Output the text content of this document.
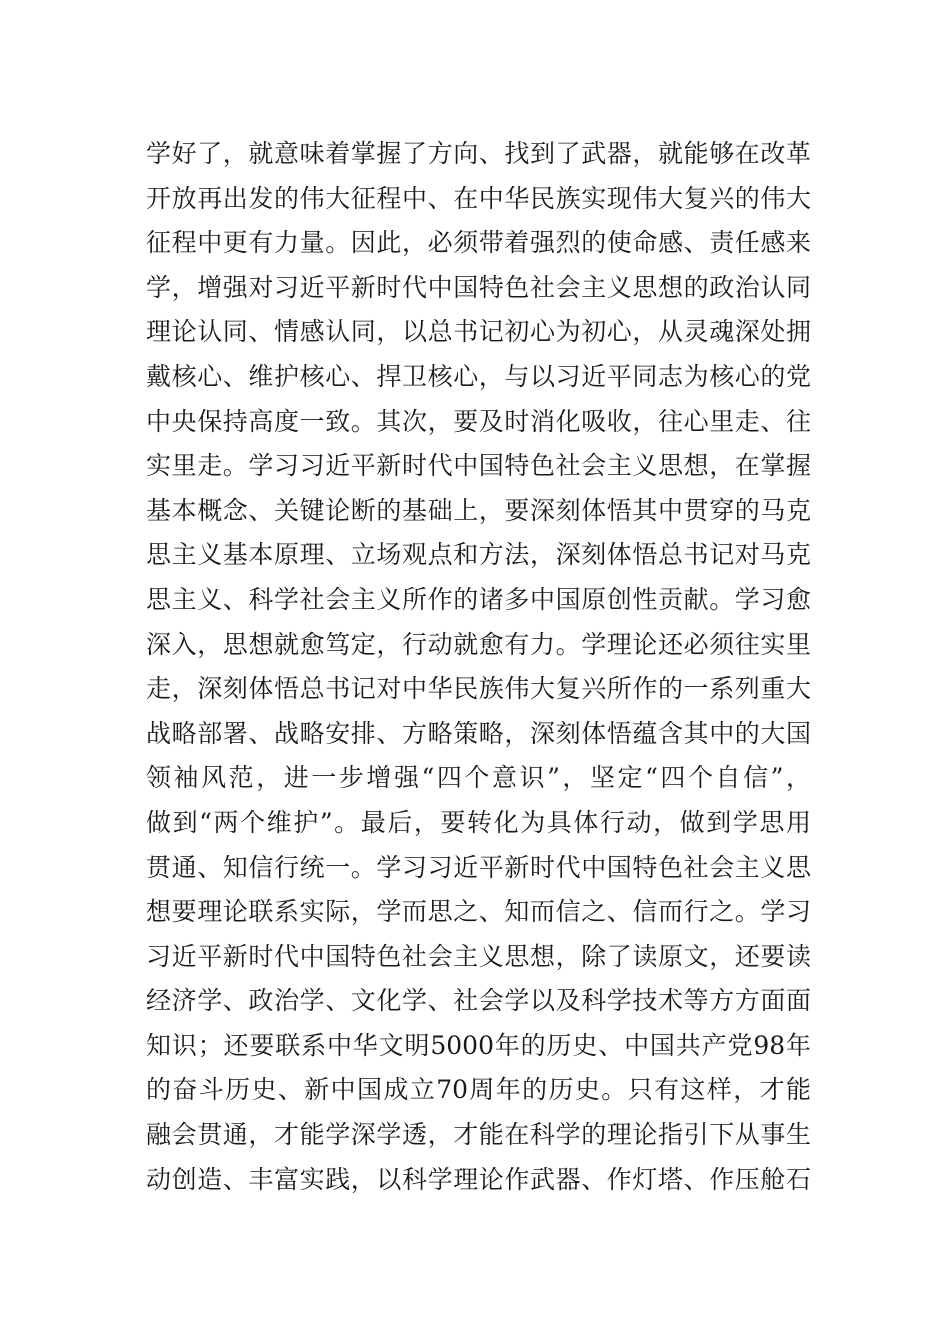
学好了，就意味着掌握了方向、找到了武器，就能够在改革
开放再出发的伟大征程中、在中华民族实现伟大复兴的伟大
征程中更有力量。因此，必须带着强烈的使命感、责任感来
学，增强对习近平新时代中国特色社会主义思想的政治认同
理论认同、情感认同，以总书记初心为初心，从灵魂深处拥
戴核心、维护核心、捍卫核心，与以习近平同志为核心的党
中央保持高度一致。其次，要及时消化吸收，往心里走、往
实里走。学习习近平新时代中国特色社会主义思想，在掌握
基本概念、关键论断的基础上，要深刻体悟其中贯穿的马克
思主义基本原理、立场观点和方法，深刻体悟总书记对马克
思主义、科学社会主义所作的诸多中国原创性贡献。学习愈
深入，思想就愈笃定，行动就愈有力。学理论还必须往实里
走，深刻体悟总书记对中华民族伟大复兴所作的一系列重大
战略部署、战略安排、方略策略，深刻体悟蕴含其中的大国
领袖风范，进一步增强“四个意识”，坚定“四个自信”，
做到“两个维护”。最后，要转化为具体行动，做到学思用
贯通、知信行统一。学习习近平新时代中国特色社会主义思
想要理论联系实际，学而思之、知而信之、信而行之。学习
习近平新时代中国特色社会主义思想，除了读原文，还要读
经济学、政治学、文化学、社会学以及科学技术等方方面面
知识；还要联系中华文明5000年的历史、中国共产党98年
的奋斗历史、新中国成立70周年的历史。只有这样，才能
融会贯通，才能学深学透，才能在科学的理论指引下从事生
动创造、丰富实践，以科学理论作武器、作灯塔、作压舱石
